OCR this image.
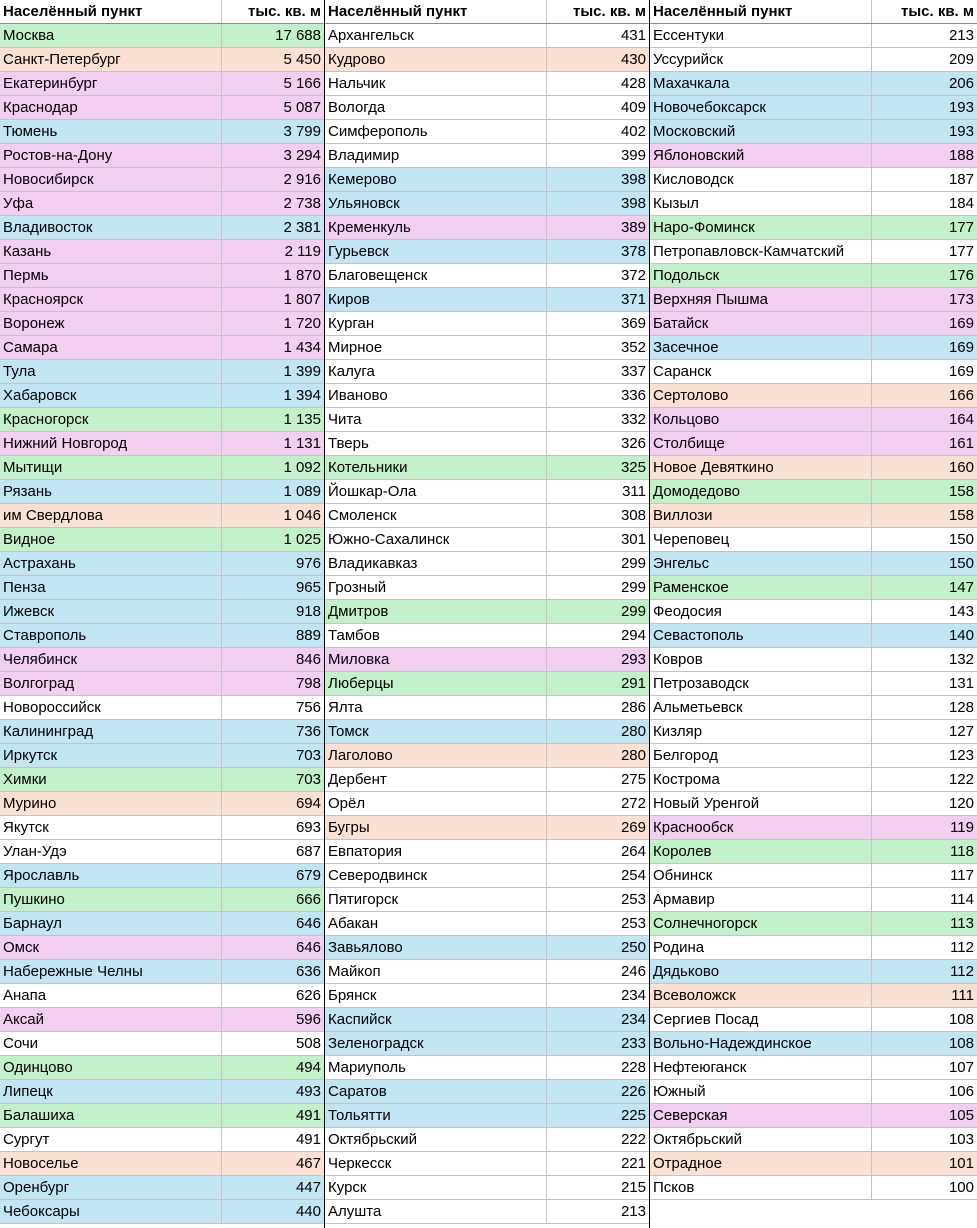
Населённый пункт	тыс. кв. м
Москва	17 688
Санкт-Петербург	5 450
Екатеринбург	5 166
Краснодар	5 087
Тюмень	3 799
Ростов-на-Дону	3 294
Новосибирск	2 916
Уфа	2 738
Владивосток	2 381
Казань	2 119
Пермь	1 870
Красноярск	1 807
Воронеж	1 720
Самара	1 434
Тула	1 399
Хабаровск	1 394
Красногорск	1 135
Нижний Новгород	1 131
Мытищи	1 092
Рязань	1 089
им Свердлова	1 046
Видное	1 025
Астрахань	976
Пенза	965
Ижевск	918
Ставрополь	889
Челябинск	846
Волгоград	798
Новороссийск	756
Калининград	736
Иркутск	703
Химки	703
Мурино	694
Якутск	693
Улан-Удэ	687
Ярославль	679
Пушкино	666
Барнаул	646
Омск	646
Набережные Челны	636
Анапа	626
Аксай	596
Сочи	508
Одинцово	494
Липецк	493
Балашиха	491
Сургут	491
Новоселье	467
Оренбург	447
Чебоксары	440
Населённый пункт	тыс. кв. м
Архангельск	431
Кудрово	430
Нальчик	428
Вологда	409
Симферополь	402
Владимир	399
Кемерово	398
Ульяновск	398
Кременкуль	389
Гурьевск	378
Благовещенск	372
Киров	371
Курган	369
Мирное	352
Калуга	337
Иваново	336
Чита	332
Тверь	326
Котельники	325
Йошкар-Ола	311
Смоленск	308
Южно-Сахалинск	301
Владикавказ	299
Грозный	299
Дмитров	299
Тамбов	294
Миловка	293
Люберцы	291
Ялта	286
Томск	280
Лаголово	280
Дербент	275
Орёл	272
Бугры	269
Евпатория	264
Северодвинск	254
Пятигорск	253
Абакан	253
Завьялово	250
Майкоп	246
Брянск	234
Каспийск	234
Зеленоградск	233
Мариуполь	228
Саратов	226
Тольятти	225
Октябрьский	222
Черкесск	221
Курск	215
Алушта	213
Населённый пункт	тыс. кв. м
Ессентуки	213
Уссурийск	209
Махачкала	206
Новочебоксарск	193
Московский	193
Яблоновский	188
Кисловодск	187
Кызыл	184
Наро-Фоминск	177
Петропавловск-Камчатский	177
Подольск	176
Верхняя Пышма	173
Батайск	169
Засечное	169
Саранск	169
Сертолово	166
Кольцово	164
Столбище	161
Новое Девяткино	160
Домодедово	158
Виллози	158
Череповец	150
Энгельс	150
Раменское	147
Феодосия	143
Севастополь	140
Ковров	132
Петрозаводск	131
Альметьевск	128
Кизляр	127
Белгород	123
Кострома	122
Новый Уренгой	120
Краснообск	119
Королев	118
Обнинск	117
Армавир	114
Солнечногорск	113
Родина	112
Дядьково	112
Всеволожск	111
Сергиев Посад	108
Вольно-Надеждинское	108
Нефтеюганск	107
Южный	106
Северская	105
Октябрьский	103
Отрадное	101
Псков	100
